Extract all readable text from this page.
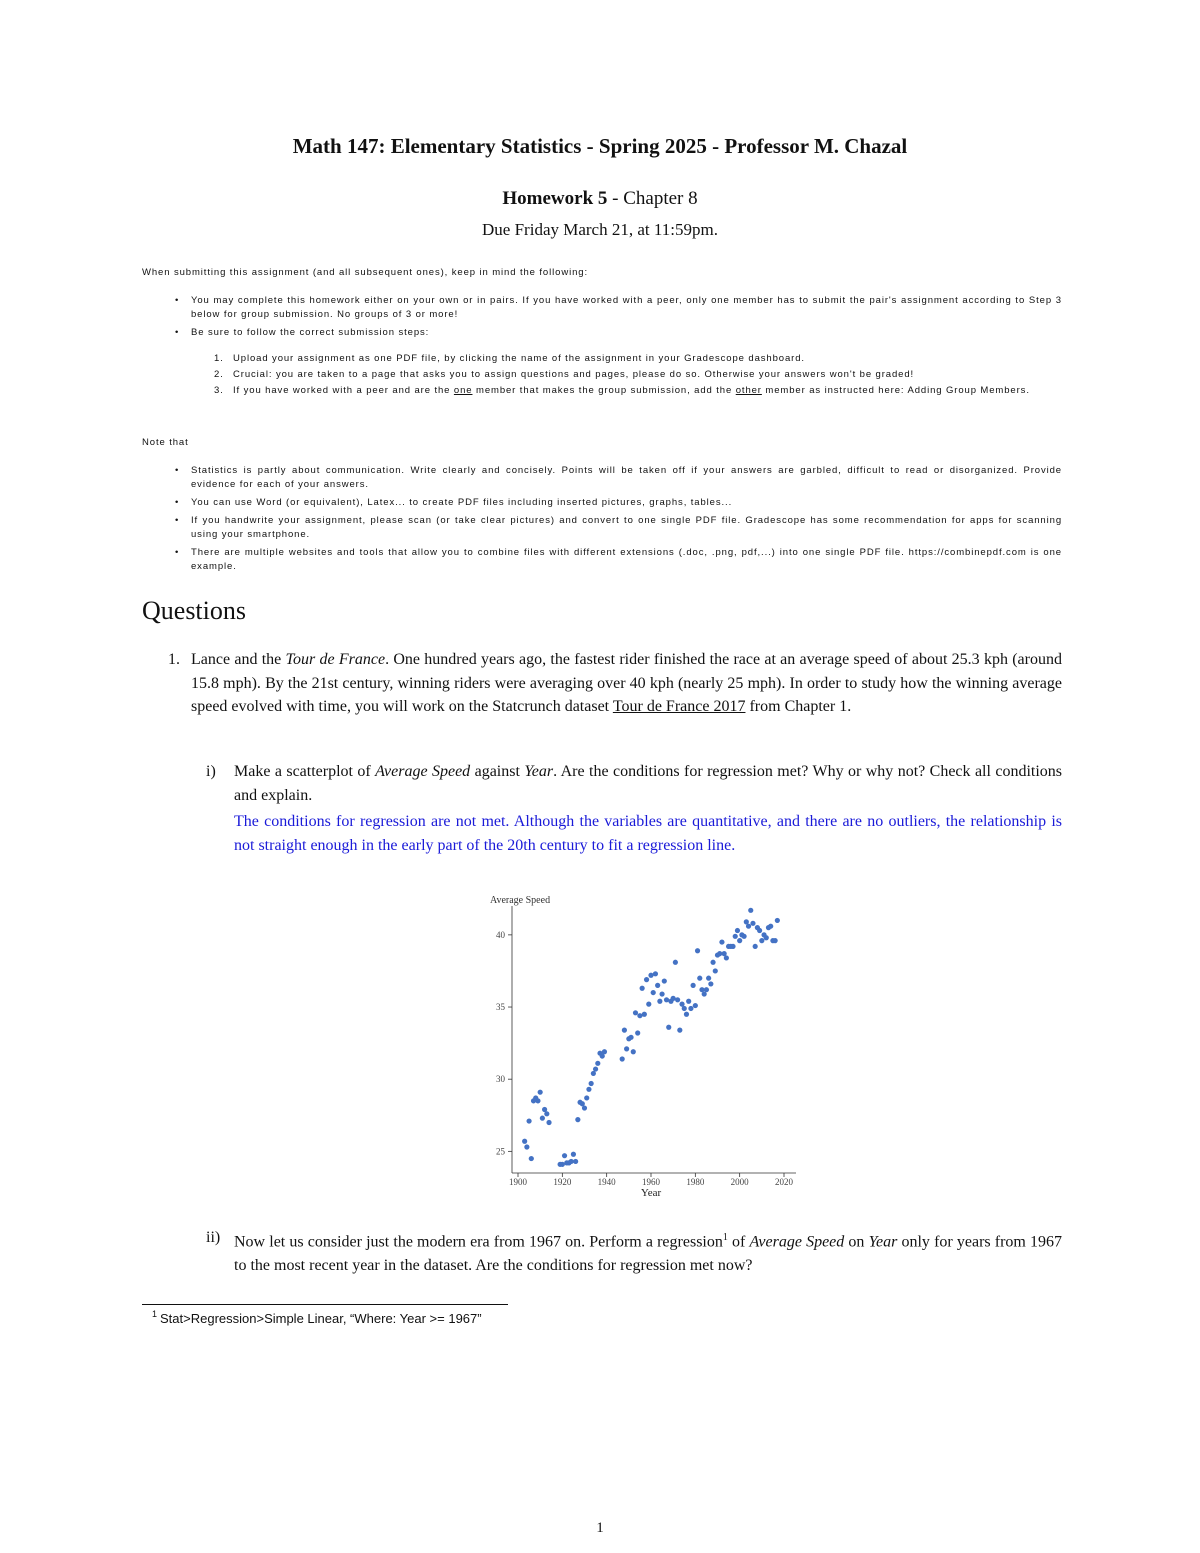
Math 147: Elementary Statistics - Spring 2025 - Professor M. Chazal
Homework 5 - Chapter 8
Due Friday March 21, at 11:59pm.
When submitting this assignment (and all subsequent ones), keep in mind the following:
• You may complete this homework either on your own or in pairs. If you have worked with a peer, only one member has to submit the pair's assignment according to Step 3 below for group submission. No groups of 3 or more!
• Be sure to follow the correct submission steps:
1. Upload your assignment as one PDF file, by clicking the name of the assignment in your Gradescope dashboard.
2. Crucial: you are taken to a page that asks you to assign questions and pages, please do so. Otherwise your answers won't be graded!
3. If you have worked with a peer and are the one member that makes the group submission, add the other member as instructed here: Adding Group Members.
Note that
• Statistics is partly about communication. Write clearly and concisely. Points will be taken off if your answers are garbled, difficult to read or disorganized. Provide evidence for each of your answers.
• You can use Word (or equivalent), Latex... to create PDF files including inserted pictures, graphs, tables...
• If you handwrite your assignment, please scan (or take clear pictures) and convert to one single PDF file. Gradescope has some recommendation for apps for scanning using your smartphone.
• There are multiple websites and tools that allow you to combine files with different extensions (.doc, .png, pdf,...) into one single PDF file. https://combinepdf.com is one example.
Questions
1. Lance and the Tour de France. One hundred years ago, the fastest rider finished the race at an average speed of about 25.3 kph (around 15.8 mph). By the 21st century, winning riders were averaging over 40 kph (nearly 25 mph). In order to study how the winning average speed evolved with time, you will work on the Statcrunch dataset Tour de France 2017 from Chapter 1.
i) Make a scatterplot of Average Speed against Year. Are the conditions for regression met? Why or why not? Check all conditions and explain.
The conditions for regression are not met. Although the variables are quantitative, and there are no outliers, the relationship is not straight enough in the early part of the 20th century to fit a regression line.
Average Speed
25
30
35
40
1900	1920	1940	1960	1980	2000	2020
Year
ii) Now let us consider just the modern era from 1967 on. Perform a regression$^1$ of Average Speed on Year only for years from 1967 to the most recent year in the dataset. Are the conditions for regression met now?
1 Stat>Regression>Simple Linear, “Where: Year >= 1967”
1
